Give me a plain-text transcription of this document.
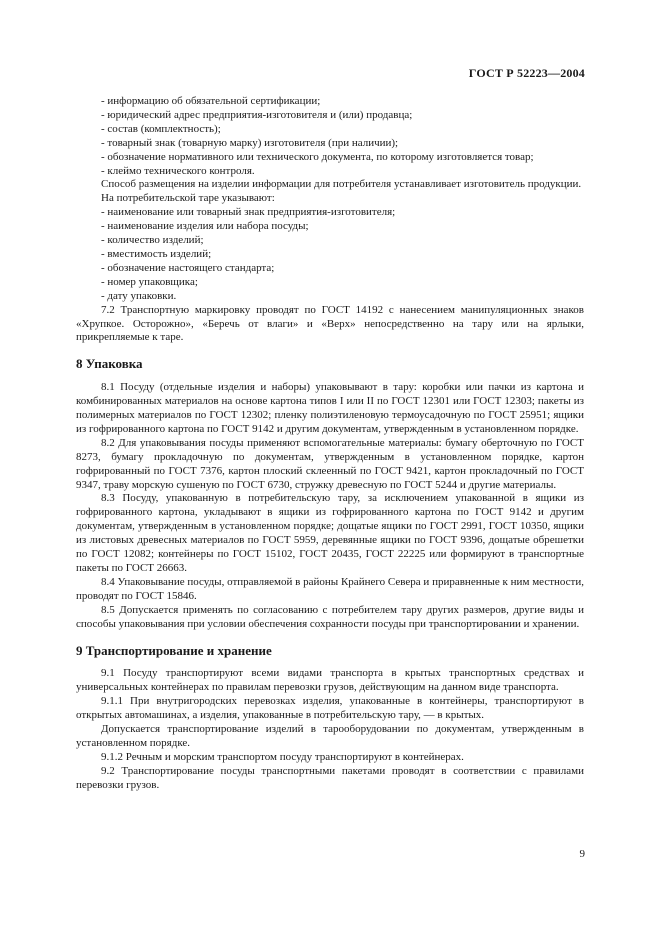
ГОСТ Р 52223—2004

- информацию об обязательной сертификации;

- юридический адрес предприятия-изготовителя и (или) продавца;

- состав (комплектность);

- товарный знак (товарную марку) изготовителя (при наличии);

- обозначение нормативного или технического документа, по которому изготовляется товар;

- клеймо технического контроля.

Способ размещения на изделии информации для потребителя устанавливает изготовитель продукции.

На потребительской таре указывают:

- наименование или товарный знак предприятия-изготовителя;

- наименование изделия или набора посуды;

- количество изделий;

- вместимость изделий;

- обозначение настоящего стандарта;

- номер упаковщика;

- дату упаковки.

7.2 Транспортную маркировку проводят по ГОСТ 14192 с нанесением манипуляционных знаков «Хрупкое. Осторожно», «Беречь от влаги» и «Верх» непосредственно на тару или на ярлыки, прикрепляемые к таре.

8 Упаковка

8.1 Посуду (отдельные изделия и наборы) упаковывают в тару: коробки или пачки из картона и комбинированных материалов на основе картона типов I или II по ГОСТ 12301 или ГОСТ 12303; пакеты из полимерных материалов по ГОСТ 12302; пленку полиэтиленовую термоусадочную по ГОСТ 25951; ящики из гофрированного картона по ГОСТ 9142 и другим документам, утвержденным в установленном порядке.

8.2 Для упаковывания посуды применяют вспомогательные материалы: бумагу оберточную по ГОСТ 8273, бумагу прокладочную по документам, утвержденным в установленном порядке, картон гофрированный по ГОСТ 7376, картон плоский склеенный по ГОСТ 9421, картон прокладочный по ГОСТ 9347, траву морскую сушеную по ГОСТ 6730, стружку древесную по ГОСТ 5244 и другие материалы.

8.3 Посуду, упакованную в потребительскую тару, за исключением упакованной в ящики из гофрированного картона, укладывают в ящики из гофрированного картона по ГОСТ 9142 и другим документам, утвержденным в установленном порядке; дощатые ящики по ГОСТ 2991, ГОСТ 10350, ящики из листовых древесных материалов по ГОСТ 5959, деревянные ящики по ГОСТ 9396, дощатые обрешетки по ГОСТ 12082; контейнеры по ГОСТ 15102, ГОСТ 20435, ГОСТ 22225 или формируют в транспортные пакеты по ГОСТ 26663.

8.4 Упаковывание посуды, отправляемой в районы Крайнего Севера и приравненные к ним местности, проводят по ГОСТ 15846.

8.5 Допускается применять по согласованию с потребителем тару других размеров, другие виды и способы упаковывания при условии обеспечения сохранности посуды при транспортировании и хранении.

9 Транспортирование и хранение

9.1 Посуду транспортируют всеми видами транспорта в крытых транспортных средствах и универсальных контейнерах по правилам перевозки грузов, действующим на данном виде транспорта.

9.1.1 При внутригородских перевозках изделия, упакованные в контейнеры, транспортируют в открытых автомашинах, а изделия, упакованные в потребительскую тару, — в крытых.

Допускается транспортирование изделий в тарооборудовании по документам, утвержденным в установленном порядке.

9.1.2 Речным и морским транспортом посуду транспортируют в контейнерах.

9.2 Транспортирование посуды транспортными пакетами проводят в соответствии с правилами перевозки грузов.

9
